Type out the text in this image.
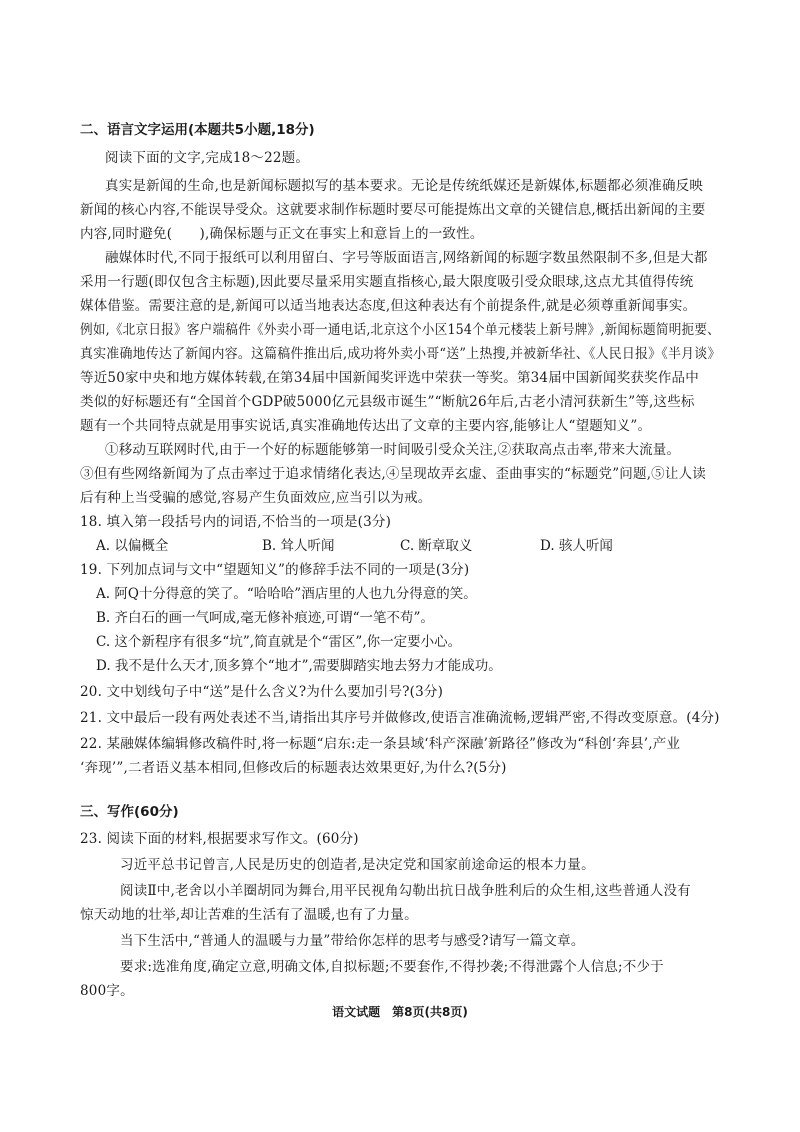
二、语言文字运用(本题共5小题,18分)
阅读下面的文字,完成18～22题。
真实是新闻的生命,也是新闻标题拟写的基本要求。无论是传统纸媒还是新媒体,标题都必须准确反映
新闻的核心内容,不能误导受众。这就要求制作标题时要尽可能提炼出文章的关键信息,概括出新闻的主要
内容,同时避免(　　),确保标题与正文在事实上和意旨上的一致性。
融媒体时代,不同于报纸可以利用留白、字号等版面语言,网络新闻的标题字数虽然限制不多,但是大都
采用一行题(即仅包含主标题),因此要尽量采用实题直指核心,最大限度吸引受众眼球,这点尤其值得传统
媒体借鉴。需要注意的是,新闻可以适当地表达态度,但这种表达有个前提条件,就是必须尊重新闻事实。
例如,《北京日报》客户端稿件《外卖小哥一通电话,北京这个小区154个单元楼装上新号牌》,新闻标题简明扼要、
真实准确地传达了新闻内容。这篇稿件推出后,成功将外卖小哥“送”上热搜,并被新华社、《人民日报》《半月谈》
等近50家中央和地方媒体转载,在第34届中国新闻奖评选中荣获一等奖。第34届中国新闻奖获奖作品中
类似的好标题还有“全国首个GDP破5000亿元县级市诞生”“断航26年后,古老小清河获新生”等,这些标
题有一个共同特点就是用事实说话,真实准确地传达出了文章的主要内容,能够让人“望题知义”。
①移动互联网时代,由于一个好的标题能够第一时间吸引受众关注,②获取高点击率,带来大流量。
③但有些网络新闻为了点击率过于追求情绪化表达,④呈现故弄玄虚、歪曲事实的“标题党”问题,⑤让人读
后有种上当受骗的感觉,容易产生负面效应,应当引以为戒。
18. 填入第一段括号内的词语,不恰当的一项是(3分)
A. 以偏概全	B. 耸人听闻	C. 断章取义	D. 骇人听闻
19. 下列加点词与文中“望题知义”的修辞手法不同的一项是(3分)
A. 阿Q十分得意的笑了。“哈哈哈”酒店里的人也九分得意的笑。
B. 齐白石的画一气呵成,毫无修补痕迹,可谓“一笔不苟”。
C. 这个新程序有很多“坑”,简直就是个“雷区”,你一定要小心。
D. 我不是什么天才,顶多算个“地才”,需要脚踏实地去努力才能成功。
20. 文中划线句子中“送”是什么含义?为什么要加引号?(3分)
21. 文中最后一段有两处表述不当,请指出其序号并做修改,使语言准确流畅,逻辑严密,不得改变原意。(4分)
22. 某融媒体编辑修改稿件时,将一标题“启东:走一条县域‘科产深融’新路径”修改为“科创‘奔县’,产业
‘奔现’”,二者语义基本相同,但修改后的标题表达效果更好,为什么?(5分)
三、写作(60分)
23. 阅读下面的材料,根据要求写作文。(60分)
习近平总书记曾言,人民是历史的创造者,是决定党和国家前途命运的根本力量。
阅读Ⅱ中,老舍以小羊圈胡同为舞台,用平民视角勾勒出抗日战争胜利后的众生相,这些普通人没有
惊天动地的壮举,却让苦难的生活有了温暖,也有了力量。
当下生活中,“普通人的温暖与力量”带给你怎样的思考与感受?请写一篇文章。
要求:选准角度,确定立意,明确文体,自拟标题;不要套作,不得抄袭;不得泄露个人信息;不少于
800字。
语文试题　第8页(共8页)
